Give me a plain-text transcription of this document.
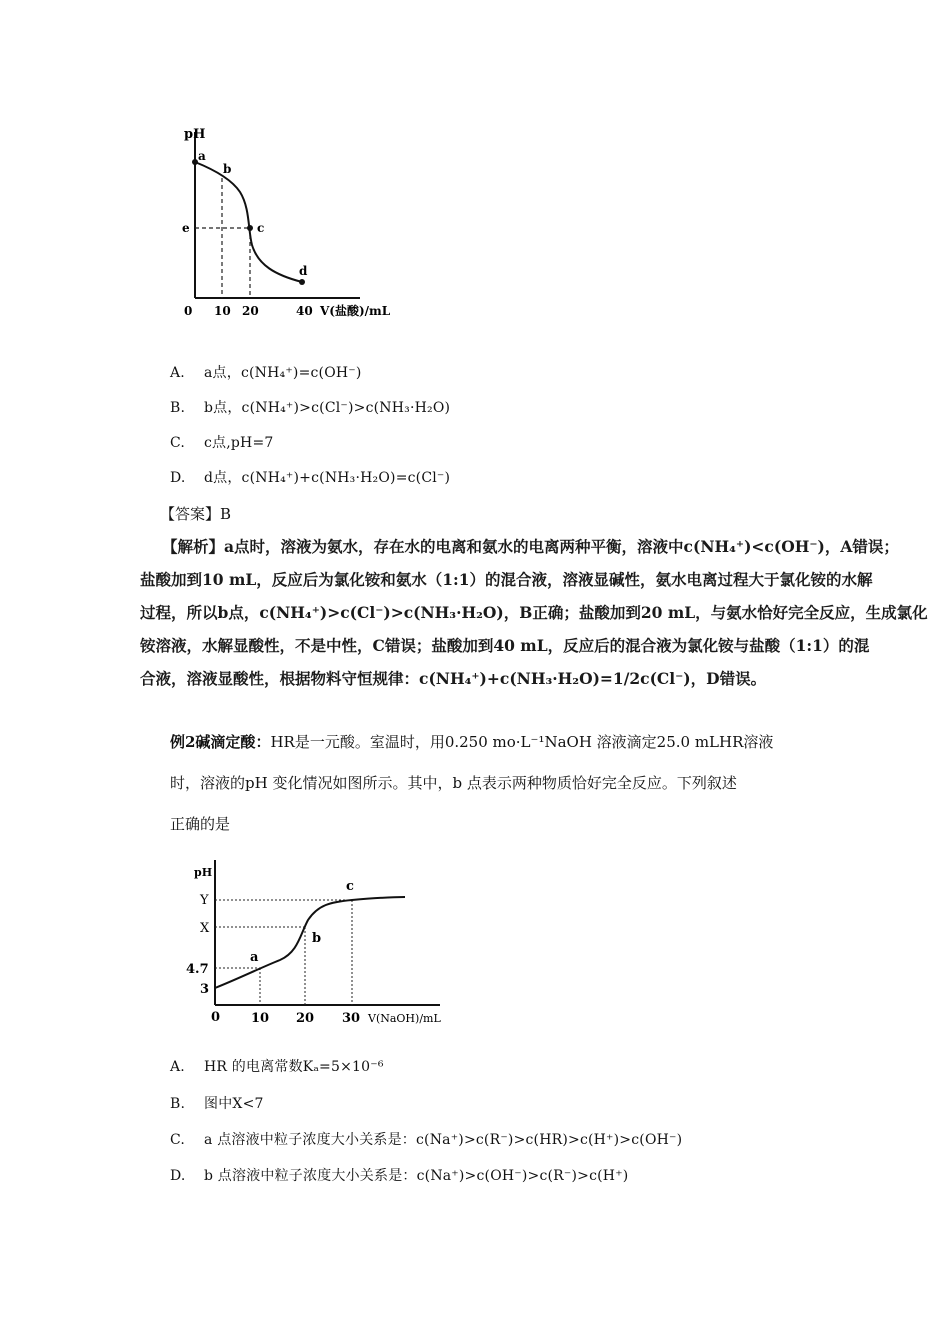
pH
a
b
c
d
e
0 10 20	40 V(盐酸)/mL
A. a点，c(NH₄⁺)=c(OH⁻)
B. b点，c(NH₄⁺)>c(Cl⁻)>c(NH₃·H₂O)
C. c点,pH=7
D. d点，c(NH₄⁺)+c(NH₃·H₂O)=c(Cl⁻)
【答案】B

【解析】a点时，溶液为氨水，存在水的电离和氨水的电离两种平衡，溶液中c(NH₄⁺)<c(OH⁻)，A错误；

盐酸加到10 mL，反应后为氯化铵和氨水（1:1）的混合液，溶液显碱性，氨水电离过程大于氯化铵的水解

过程，所以b点，c(NH₄⁺)>c(Cl⁻)>c(NH₃·H₂O)，B正确；盐酸加到20 mL，与氨水恰好完全反应，生成氯化

铵溶液，水解显酸性，不是中性，C错误；盐酸加到40 mL，反应后的混合液为氯化铵与盐酸（1:1）的混

合液，溶液显酸性，根据物料守恒规律：c(NH₄⁺)+c(NH₃·H₂O)=1/2c(Cl⁻)，D错误。

例2碱滴定酸：HR是一元酸。室温时，用0.250 mo·L⁻¹NaOH 溶液滴定25.0 mLHR溶液
时，溶液的pH 变化情况如图所示。其中，b 点表示两种物质恰好完全反应。下列叙述
正确的是
pH
Y
X
4.7
3
a
b
c
0 10 20 30 V(NaOH)/mL
A. HR 的电离常数Kₐ=5×10⁻⁶
B. 图中X<7
C. a 点溶液中粒子浓度大小关系是：c(Na⁺)>c(R⁻)>c(HR)>c(H⁺)>c(OH⁻)
D. b 点溶液中粒子浓度大小关系是：c(Na⁺)>c(OH⁻)>c(R⁻)>c(H⁺)
